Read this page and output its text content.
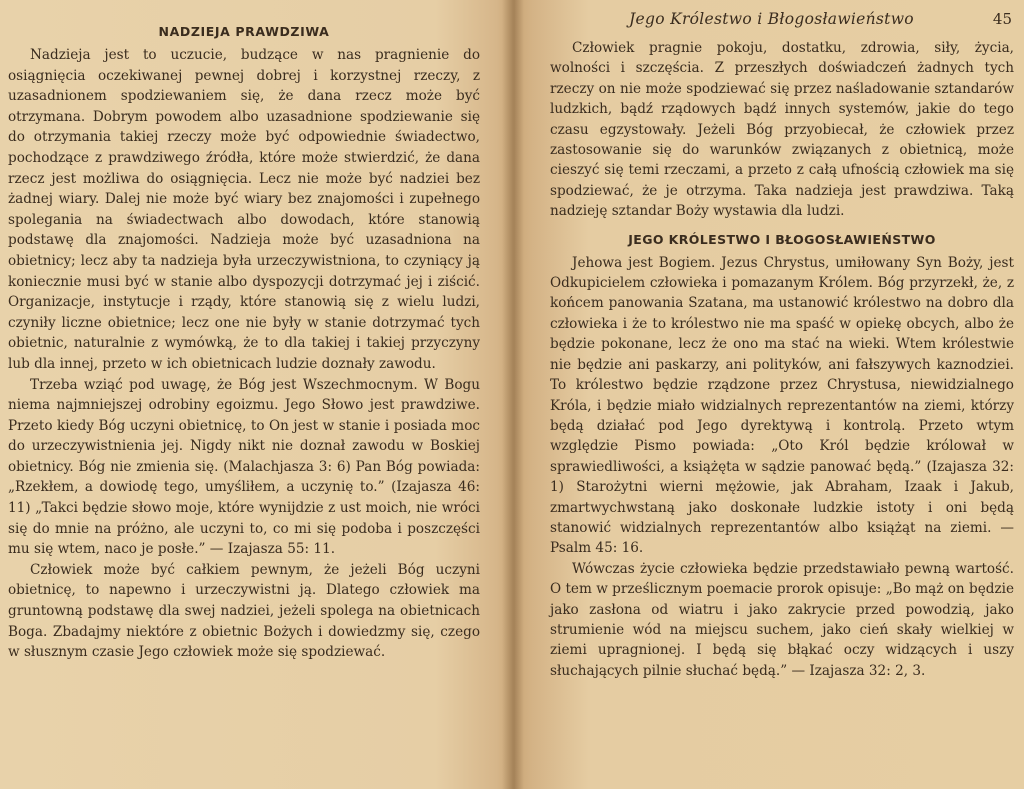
NADZIEJA PRAWDZIWA

Nadzieja jest to uczucie, budzące w nas pragnienie do osiągnięcia oczekiwanej pewnej dobrej i korzystnej rzeczy, z uzasadnionem spodziewaniem się, że dana rzecz może być otrzymana. Dobrym powodem albo uzasadnione spodziewanie się do otrzymania takiej rzeczy może być odpowiednie świadectwo, pochodzące z prawdziwego źródła, które może stwierdzić, że dana rzecz jest możliwa do osiągnięcia. Lecz nie może być nadziei bez żadnej wiary. Dalej nie może być wiary bez znajomości i zupełnego spolegania na świadectwach albo dowodach, które stanowią podstawę dla znajomości. Nadzieja może być uzasadniona na obietnicy; lecz aby ta nadzieja była urzeczywistniona, to czyniący ją koniecznie musi być w stanie albo dyspozycji dotrzymać jej i ziścić. Organizacje, instytucje i rządy, które stanowią się z wielu ludzi, czyniły liczne obietnice; lecz one nie były w stanie dotrzymać tych obietnic, naturalnie z wymówką, że to dla takiej i takiej przyczyny lub dla innej, przeto w ich obietnicach ludzie doznały zawodu.

Trzeba wziąć pod uwagę, że Bóg jest Wszechmocnym. W Bogu niema najmniejszej odrobiny egoizmu. Jego Słowo jest prawdziwe. Przeto kiedy Bóg uczyni obietnicę, to On jest w stanie i posiada moc do urzeczywistnienia jej. Nigdy nikt nie doznał zawodu w Boskiej obietnicy. Bóg nie zmienia się. (Malachjasza 3: 6) Pan Bóg powiada: „Rzekłem, a dowiodę tego, umyśliłem, a uczynię to.” (Izajasza 46: 11) „Takci będzie słowo moje, które wynijdzie z ust moich, nie wróci się do mnie na próżno, ale uczyni to, co mi się podoba i poszczęści mu się wtem, naco je posłe.” — Izajasza 55: 11.

Człowiek może być całkiem pewnym, że jeżeli Bóg uczyni obietnicę, to napewno i urzeczywistni ją. Dlatego człowiek ma gruntowną podstawę dla swej nadziei, jeżeli spolega na obietnicach Boga. Zbadajmy niektóre z obietnic Bożych i dowiedzmy się, czego w słusznym czasie Jego człowiek może się spodziewać.

Jego Królestwo i Błogosławieństwo	45

Człowiek pragnie pokoju, dostatku, zdrowia, siły, życia, wolności i szczęścia. Z przeszłych doświadczeń żadnych tych rzeczy on nie może spodziewać się przez naśladowanie sztandarów ludzkich, bądź rządowych bądź innych systemów, jakie do tego czasu egzystowały. Jeżeli Bóg przyobiecał, że człowiek przez zastosowanie się do warunków związanych z obietnicą, może cieszyć się temi rzeczami, a przeto z całą ufnością człowiek ma się spodziewać, że je otrzyma. Taka nadzieja jest prawdziwa. Taką nadzieję sztandar Boży wystawia dla ludzi.

JEGO KRÓLESTWO I BŁOGOSŁAWIEŃSTWO

Jehowa jest Bogiem. Jezus Chrystus, umiłowany Syn Boży, jest Odkupicielem człowieka i pomazanym Królem. Bóg przyrzekł, że, z końcem panowania Szatana, ma ustanowić królestwo na dobro dla człowieka i że to królestwo nie ma spaść w opiekę obcych, albo że będzie pokonane, lecz że ono ma stać na wieki. Wtem królestwie nie będzie ani paskarzy, ani polityków, ani fałszywych kaznodziei. To królestwo będzie rządzone przez Chrystusa, niewidzialnego Króla, i będzie miało widzialnych reprezentantów na ziemi, którzy będą działać pod Jego dyrektywą i kontrolą. Przeto wtym względzie Pismo powiada: „Oto Król będzie królował w sprawiedliwości, a książęta w sądzie panować będą.” (Izajasza 32: 1) Starożytni wierni mężowie, jak Abraham, Izaak i Jakub, zmartwychwstaną jako doskonałe ludzkie istoty i oni będą stanowić widzialnych reprezentantów albo książąt na ziemi. — Psalm 45: 16.

Wówczas życie człowieka będzie przedstawiało pewną wartość. O tem w prześlicznym poemacie prorok opisuje: „Bo mąż on będzie jako zasłona od wiatru i jako zakrycie przed powodzią, jako strumienie wód na miejscu suchem, jako cień skały wielkiej w ziemi upragnionej. I będą się błąkać oczy widzących i uszy słuchających pilnie słuchać będą.” — Izajasza 32: 2, 3.
